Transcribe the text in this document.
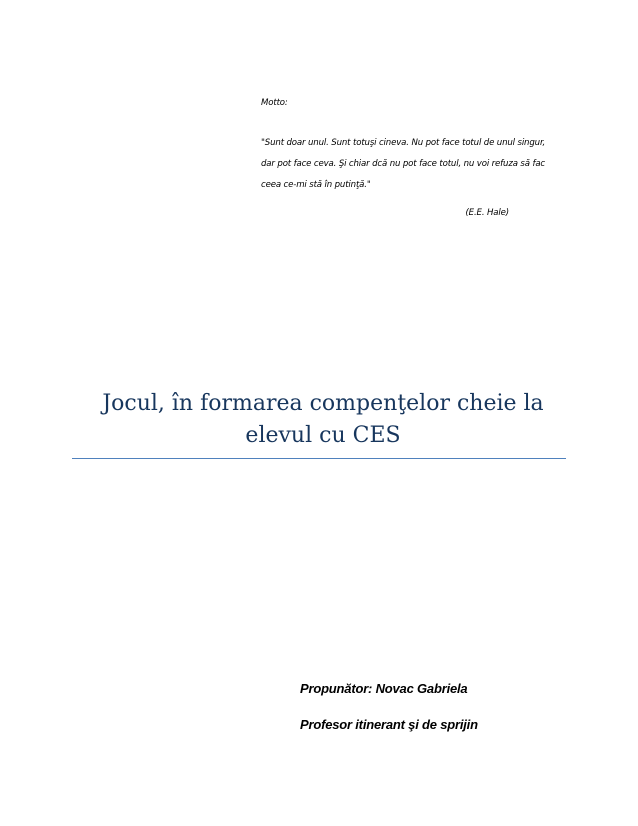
Motto:
"Sunt doar unul. Sunt totuşi cineva. Nu pot face totul de unul singur,
dar pot face ceva. Şi chiar dcă nu pot face totul, nu voi refuza să fac
ceea ce-mi stă în putinţă."
(E.E. Hale)
Jocul, în formarea compenţelor cheie la
elevul cu CES
Propunător: Novac Gabriela
Profesor itinerant şi de sprijin
